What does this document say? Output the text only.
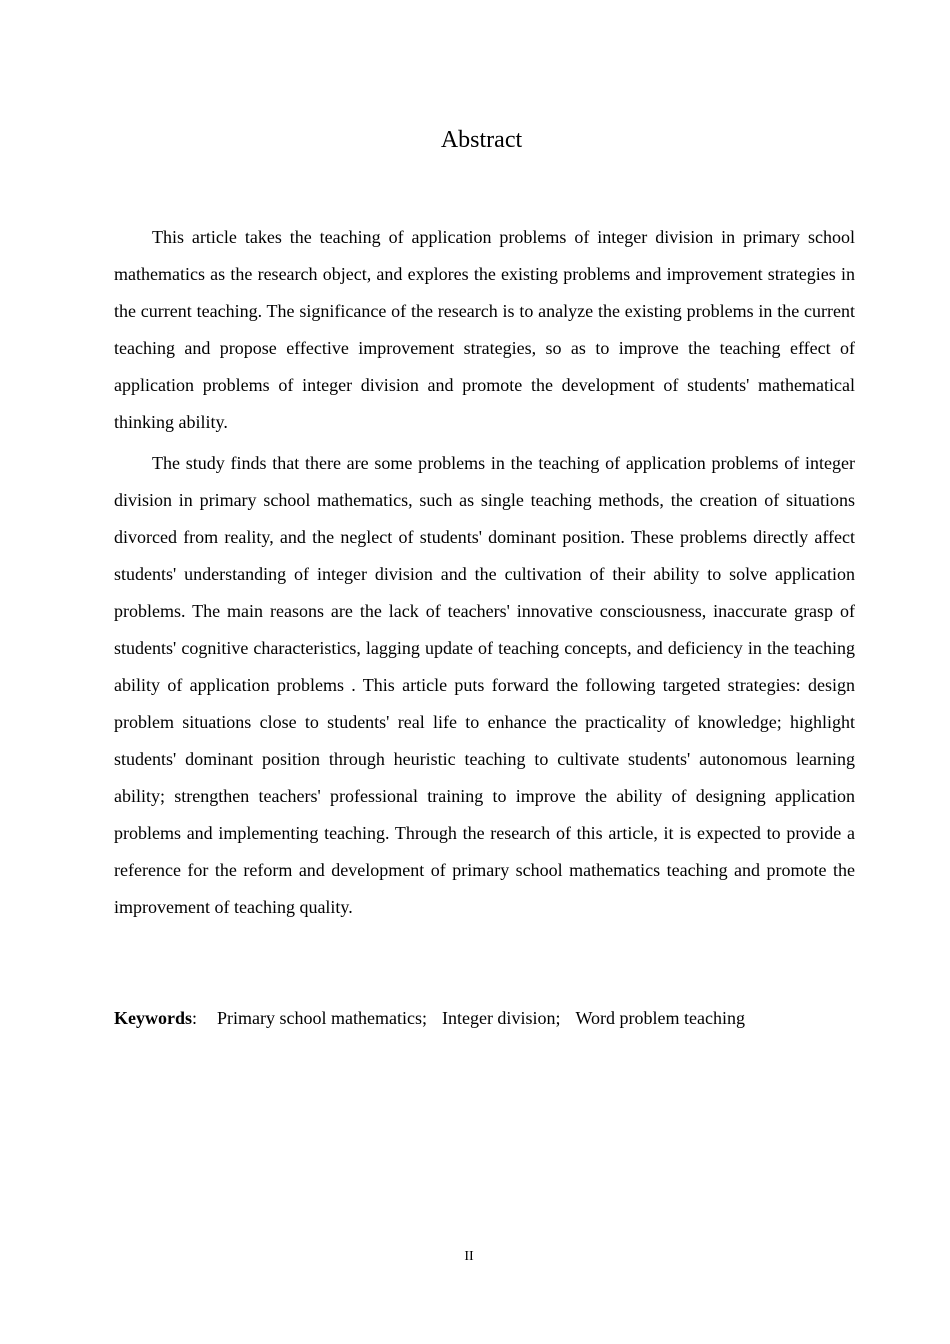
Abstract

This article takes the teaching of application problems of integer division in primary school mathematics as the research object, and explores the existing problems and improvement strategies in the current teaching. The significance of the research is to analyze the existing problems in the current teaching and propose effective improvement strategies, so as to improve the teaching effect of application problems of integer division and promote the development of students' mathematical thinking ability.

The study finds that there are some problems in the teaching of application problems of integer division in primary school mathematics, such as single teaching methods, the creation of situations divorced from reality, and the neglect of students' dominant position. These problems directly affect students' understanding of integer division and the cultivation of their ability to solve application problems. The main reasons are the lack of teachers' innovative consciousness, inaccurate grasp of students' cognitive characteristics, lagging update of teaching concepts, and deficiency in the teaching ability of application problems . This article puts forward the following targeted strategies: design problem situations close to students' real life to enhance the practicality of knowledge; highlight students' dominant position through heuristic teaching to cultivate students' autonomous learning ability; strengthen teachers' professional training to improve the ability of designing application problems and implementing teaching. Through the research of this article, it is expected to provide a reference for the reform and development of primary school mathematics teaching and promote the improvement of teaching quality.

Keywords: Primary school mathematics; Integer division; Word problem teaching

II
